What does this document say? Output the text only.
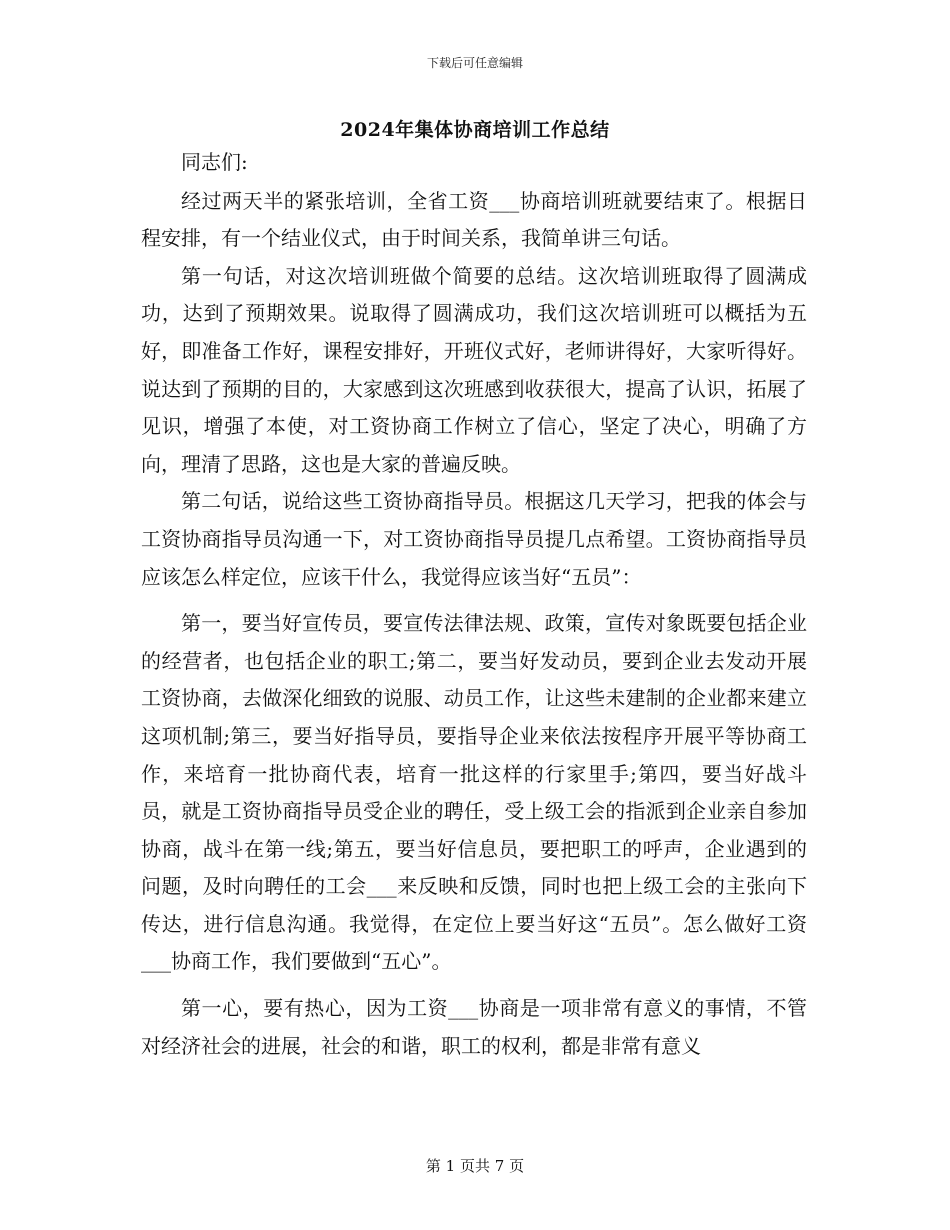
下载后可任意编辑
2024年集体协商培训工作总结

同志们:

经过两天半的紧张培训，全省工资___协商培训班就要结束了。根据日程安排，有一个结业仪式，由于时间关系，我简单讲三句话。

第一句话，对这次培训班做个简要的总结。这次培训班取得了圆满成功，达到了预期效果。说取得了圆满成功，我们这次培训班可以概括为五好，即准备工作好，课程安排好，开班仪式好，老师讲得好，大家听得好。说达到了预期的目的，大家感到这次班感到收获很大，提高了认识，拓展了见识，增强了本使，对工资协商工作树立了信心，坚定了决心，明确了方向，理清了思路，这也是大家的普遍反映。

第二句话，说给这些工资协商指导员。根据这几天学习，把我的体会与工资协商指导员沟通一下，对工资协商指导员提几点希望。工资协商指导员应该怎么样定位，应该干什么，我觉得应该当好“五员”：

第一，要当好宣传员，要宣传法律法规、政策，宣传对象既要包括企业的经营者，也包括企业的职工;第二，要当好发动员，要到企业去发动开展工资协商，去做深化细致的说服、动员工作，让这些未建制的企业都来建立这项机制;第三，要当好指导员，要指导企业来依法按程序开展平等协商工作，来培育一批协商代表，培育一批这样的行家里手;第四，要当好战斗员，就是工资协商指导员受企业的聘任，受上级工会的指派到企业亲自参加协商，战斗在第一线;第五，要当好信息员，要把职工的呼声，企业遇到的问题，及时向聘任的工会___来反映和反馈，同时也把上级工会的主张向下传达，进行信息沟通。我觉得，在定位上要当好这“五员”。怎么做好工资___协商工作，我们要做到“五心”。

第一心，要有热心，因为工资___协商是一项非常有意义的事情，不管对经济社会的进展，社会的和谐，职工的权利，都是非常有意义

第 1 页共 7 页
